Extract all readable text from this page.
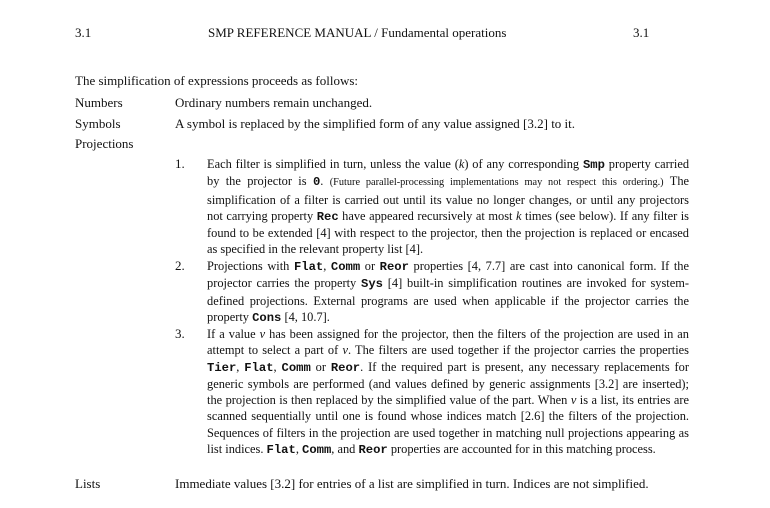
3.1	SMP REFERENCE MANUAL / Fundamental operations	3.1
The simplification of expressions proceeds as follows:
Numbers	Ordinary numbers remain unchanged.
Symbols	A symbol is replaced by the simplified form of any value assigned [3.2] to it.
Projections
1. Each filter is simplified in turn, unless the value (k) of any corresponding Smp property carried by the projector is 0. (Future parallel-processing implementations may not respect this ordering.) The simplification of a filter is carried out until its value no longer changes, or until any projectors not carrying property Rec have appeared recursively at most k times (see below). If any filter is found to be extended [4] with respect to the projector, then the projection is replaced or encased as specified in the relevant property list [4].

2. Projections with Flat, Comm or Reor properties [4, 7.7] are cast into canonical form. If the projector carries the property Sys [4] built-in simplification routines are invoked for system-defined projections. External programs are used when applicable if the projector carries the property Cons [4, 10.7].

3. If a value v has been assigned for the projector, then the filters of the projection are used in an attempt to select a part of v. The filters are used together if the projector carries the properties Tier, Flat, Comm or Reor. If the required part is present, any necessary replacements for generic symbols are performed (and values defined by generic assignments [3.2] are inserted); the projection is then replaced by the simplified value of the part. When v is a list, its entries are scanned sequentially until one is found whose indices match [2.6] the filters of the projection. Sequences of filters in the projection are used together in matching null projections appearing as list indices. Flat, Comm, and Reor properties are accounted for in this matching process.

Lists	Immediate values [3.2] for entries of a list are simplified in turn. Indices are not simplified.
